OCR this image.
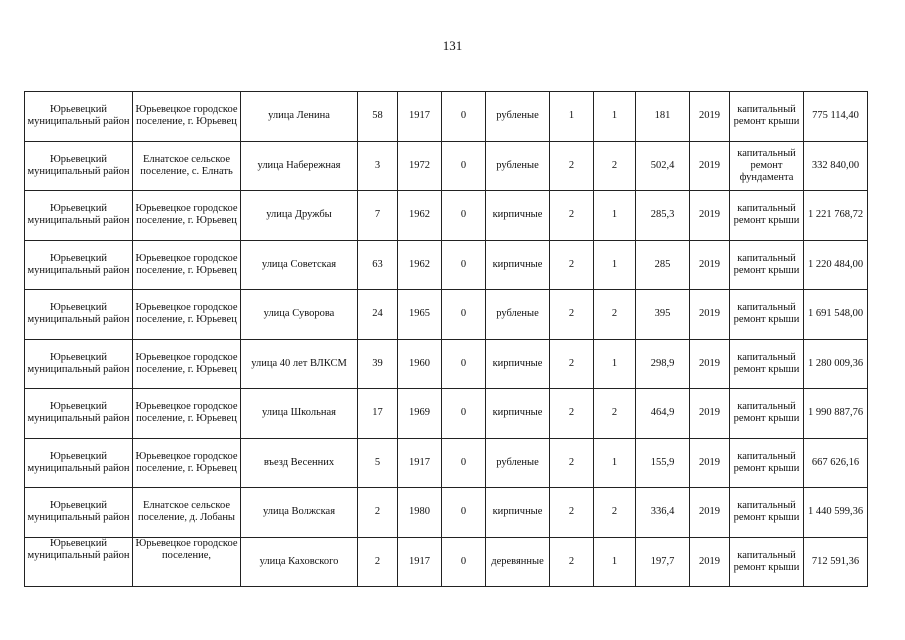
131
Юрьевецкий муниципальный район	Юрьевецкое городское поселение, г. Юрьевец	улица Ленина	58	1917	0	рубленые	1	1	181	2019	капитальный ремонт крыши	775 114,40
Юрьевецкий муниципальный район	Елнатское сельское поселение, с. Елнать	улица Набережная	3	1972	0	рубленые	2	2	502,4	2019	капитальный ремонт фундамента	332 840,00
Юрьевецкий муниципальный район	Юрьевецкое городское поселение, г. Юрьевец	улица Дружбы	7	1962	0	кирпичные	2	1	285,3	2019	капитальный ремонт крыши	1 221 768,72
Юрьевецкий муниципальный район	Юрьевецкое городское поселение, г. Юрьевец	улица Советская	63	1962	0	кирпичные	2	1	285	2019	капитальный ремонт крыши	1 220 484,00
Юрьевецкий муниципальный район	Юрьевецкое городское поселение, г. Юрьевец	улица Суворова	24	1965	0	рубленые	2	2	395	2019	капитальный ремонт крыши	1 691 548,00
Юрьевецкий муниципальный район	Юрьевецкое городское поселение, г. Юрьевец	улица 40 лет ВЛКСМ	39	1960	0	кирпичные	2	1	298,9	2019	капитальный ремонт крыши	1 280 009,36
Юрьевецкий муниципальный район	Юрьевецкое городское поселение, г. Юрьевец	улица Школьная	17	1969	0	кирпичные	2	2	464,9	2019	капитальный ремонт крыши	1 990 887,76
Юрьевецкий муниципальный район	Юрьевецкое городское поселение, г. Юрьевец	въезд Весенних	5	1917	0	рубленые	2	1	155,9	2019	капитальный ремонт крыши	667 626,16
Юрьевецкий муниципальный район	Елнатское сельское поселение, д. Лобаны	улица Волжская	2	1980	0	кирпичные	2	2	336,4	2019	капитальный ремонт крыши	1 440 599,36
Юрьевецкий муниципальный район	Юрьевецкое городское поселение,	улица Каховского	2	1917	0	деревянные	2	1	197,7	2019	капитальный ремонт крыши	712 591,36
